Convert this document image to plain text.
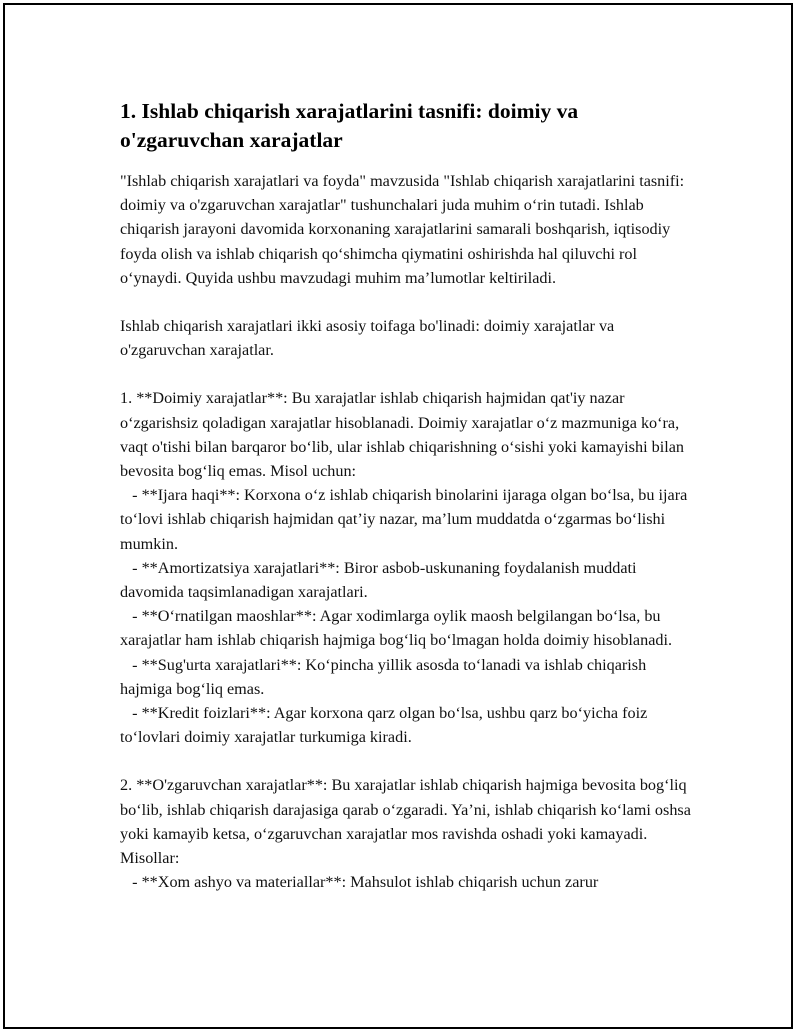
1. Ishlab chiqarish xarajatlarini tasnifi: doimiy va o'zgaruvchan xarajatlar

"Ishlab chiqarish xarajatlari va foyda" mavzusida "Ishlab chiqarish xarajatlarini tasnifi: doimiy va o'zgaruvchan xarajatlar" tushunchalari juda muhim o‘rin tutadi. Ishlab chiqarish jarayoni davomida korxonaning xarajatlarini samarali boshqarish, iqtisodiy foyda olish va ishlab chiqarish qo‘shimcha qiymatini oshirishda hal qiluvchi rol o‘ynaydi. Quyida ushbu mavzudagi muhim ma’lumotlar keltiriladi.

Ishlab chiqarish xarajatlari ikki asosiy toifaga bo'linadi: doimiy xarajatlar va o'zgaruvchan xarajatlar.

1. **Doimiy xarajatlar**: Bu xarajatlar ishlab chiqarish hajmidan qat'iy nazar o‘zgarishsiz qoladigan xarajatlar hisoblanadi. Doimiy xarajatlar o‘z mazmuniga ko‘ra, vaqt o'tishi bilan barqaror bo‘lib, ular ishlab chiqarishning o‘sishi yoki kamayishi bilan bevosita bog‘liq emas. Misol uchun:
- **Ijara haqi**: Korxona o‘z ishlab chiqarish binolarini ijaraga olgan bo‘lsa, bu ijara to‘lovi ishlab chiqarish hajmidan qat’iy nazar, ma’lum muddatda o‘zgarmas bo‘lishi mumkin.
- **Amortizatsiya xarajatlari**: Biror asbob-uskunaning foydalanish muddati davomida taqsimlanadigan xarajatlari.
- **O‘rnatilgan maoshlar**: Agar xodimlarga oylik maosh belgilangan bo‘lsa, bu xarajatlar ham ishlab chiqarish hajmiga bog‘liq bo‘lmagan holda doimiy hisoblanadi.
- **Sug'urta xarajatlari**: Ko‘pincha yillik asosda to‘lanadi va ishlab chiqarish hajmiga bog‘liq emas.
- **Kredit foizlari**: Agar korxona qarz olgan bo‘lsa, ushbu qarz bo‘yicha foiz to‘lovlari doimiy xarajatlar turkumiga kiradi.

2. **O'zgaruvchan xarajatlar**: Bu xarajatlar ishlab chiqarish hajmiga bevosita bog‘liq bo‘lib, ishlab chiqarish darajasiga qarab o‘zgaradi. Ya’ni, ishlab chiqarish ko‘lami oshsa yoki kamayib ketsa, o‘zgaruvchan xarajatlar mos ravishda oshadi yoki kamayadi. Misollar:
- **Xom ashyo va materiallar**: Mahsulot ishlab chiqarish uchun zarur
